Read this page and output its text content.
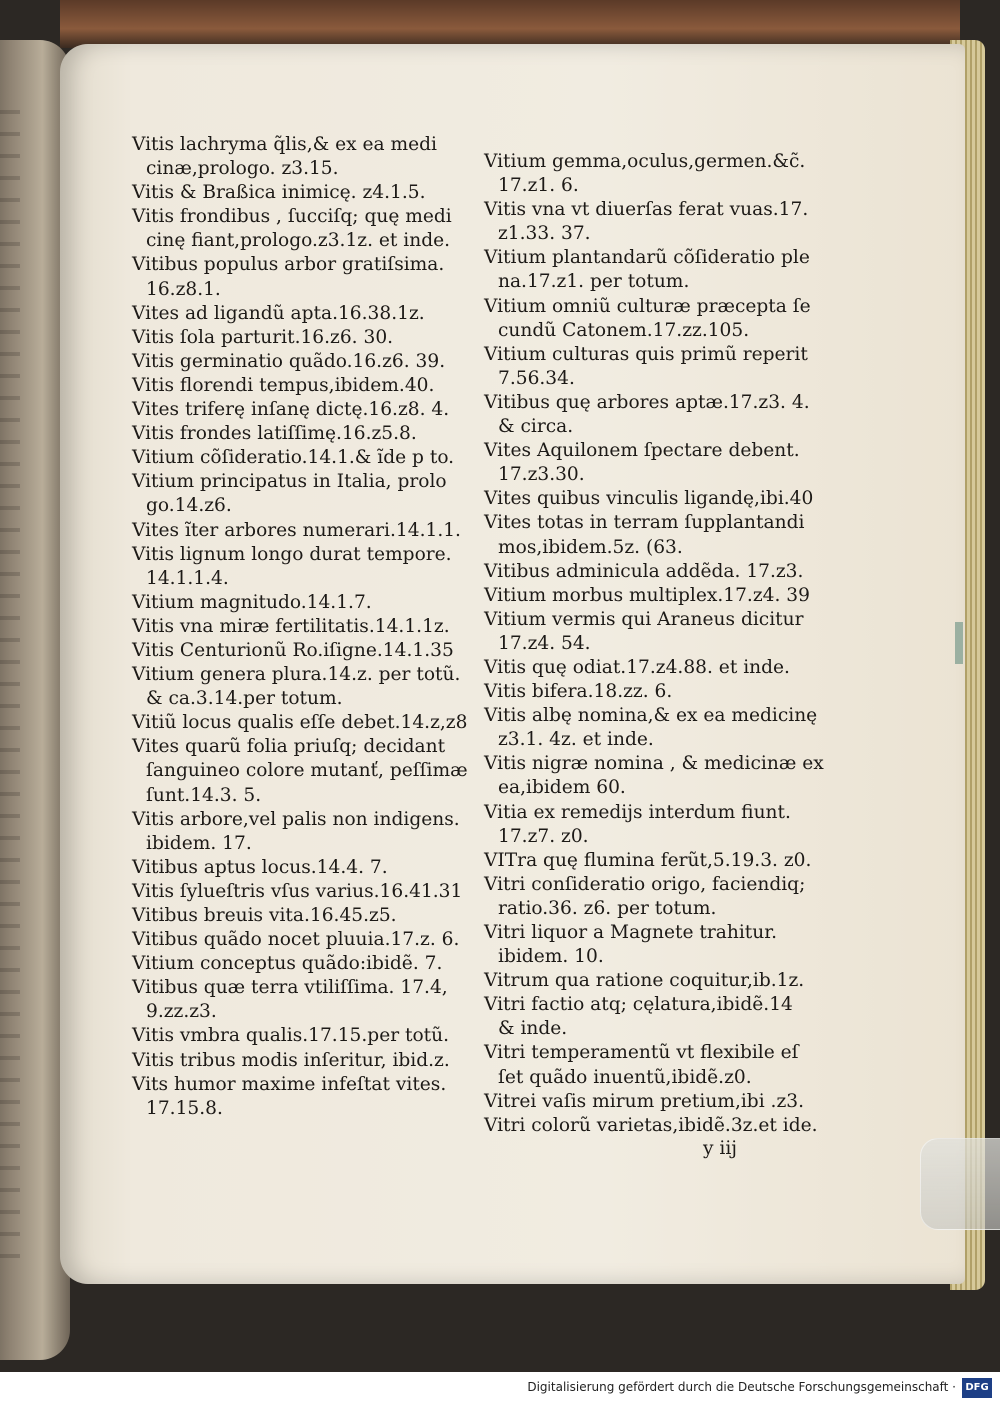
Vitis lachryma q̃lis,& ex ea medi
cinæ,prologo. z3.15.
Vitis & Braßica inimicę. z4.1.5.
Vitis frondibus , ſucciſq; quę medi
cinę fiant,prologo.z3.1z. et inde.
Vitibus populus arbor gratiſsima.
16.z8.1.
Vites ad ligandũ apta.16.38.1z.
Vitis ſola parturit.16.z6. 30.
Vitis germinatio quãdo.16.z6. 39.
Vitis florendi tempus,ibidem.40.
Vites triferę inſanę dictę.16.z8. 4.
Vitis frondes latiſſimę.16.z5.8.
Vitium cõſideratio.14.1.& ĩde p to.
Vitium principatus in Italia, prolo
go.14.z6.
Vites ĩter arbores numerari.14.1.1.
Vitis lignum longo durat tempore.
14.1.1.4.
Vitium magnitudo.14.1.7.
Vitis vna miræ fertilitatis.14.1.1z.
Vitis Centurionũ Ro.iſigne.14.1.35
Vitium genera plura.14.z. per totũ.
& ca.3.14.per totum.
Vitiũ locus qualis eſſe debet.14.z,z8
Vites quarũ folia priuſq; decidant
ſanguineo colore mutanť, peſſimæ
ſunt.14.3. 5.
Vitis arbore,vel palis non indigens.
ibidem. 17.
Vitibus aptus locus.14.4. 7.
Vitis ſylueſtris vſus varius.16.41.31
Vitibus breuis vita.16.45.z5.
Vitibus quãdo nocet pluuia.17.z. 6.
Vitium conceptus quãdo:ibidẽ. 7.
Vitibus quæ terra vtiliſſima. 17.4,
9.zz.z3.
Vitis vmbra qualis.17.15.per totũ.
Vitis tribus modis inſeritur, ibid.z.
Vits humor maxime infeſtat vites.
17.15.8.
Vitium gemma,oculus,germen.&c̃.
17.z1. 6.
Vitis vna vt diuerſas ferat vuas.17.
z1.33. 37.
Vitium plantandarũ cõſideratio ple
na.17.z1. per totum.
Vitium omniũ culturæ præcepta ſe
cundũ Catonem.17.zz.105.
Vitium culturas quis primũ reperit
7.56.34.
Vitibus quę arbores aptæ.17.z3. 4.
& circa.
Vites Aquilonem ſpectare debent.
17.z3.30.
Vites quibus vinculis ligandę,ibi.40
Vites totas in terram ſupplantandi
mos,ibidem.5z. (63.
Vitibus adminicula addẽda. 17.z3.
Vitium morbus multiplex.17.z4. 39
Vitium vermis qui Araneus dicitur
17.z4. 54.
Vitis quę odiat.17.z4.88. et inde.
Vitis bifera.18.zz. 6.
Vitis albę nomina,& ex ea medicinę
z3.1. 4z. et inde.
Vitis nigræ nomina , & medicinæ ex
ea,ibidem 60.
Vitia ex remedijs interdum fiunt.
17.z7. z0.
VITra quę flumina ferũt,5.19.3. z0.
Vitri conſideratio origo, faciendiq;
ratio.36. z6. per totum.
Vitri liquor a Magnete trahitur.
ibidem. 10.
Vitrum qua ratione coquitur,ib.1z.
Vitri factio atq; cęlatura,ibidẽ.14
& inde.
Vitri temperamentũ vt flexibile eſ
ſet quãdo inuentũ,ibidẽ.z0.
Vitrei vaſis mirum pretium,ibi .z3.
Vitri colorũ varietas,ibidẽ.3z.et ide.
y iij
Digitalisierung gefördert durch die Deutsche Forschungsgemeinschaft · DFG
